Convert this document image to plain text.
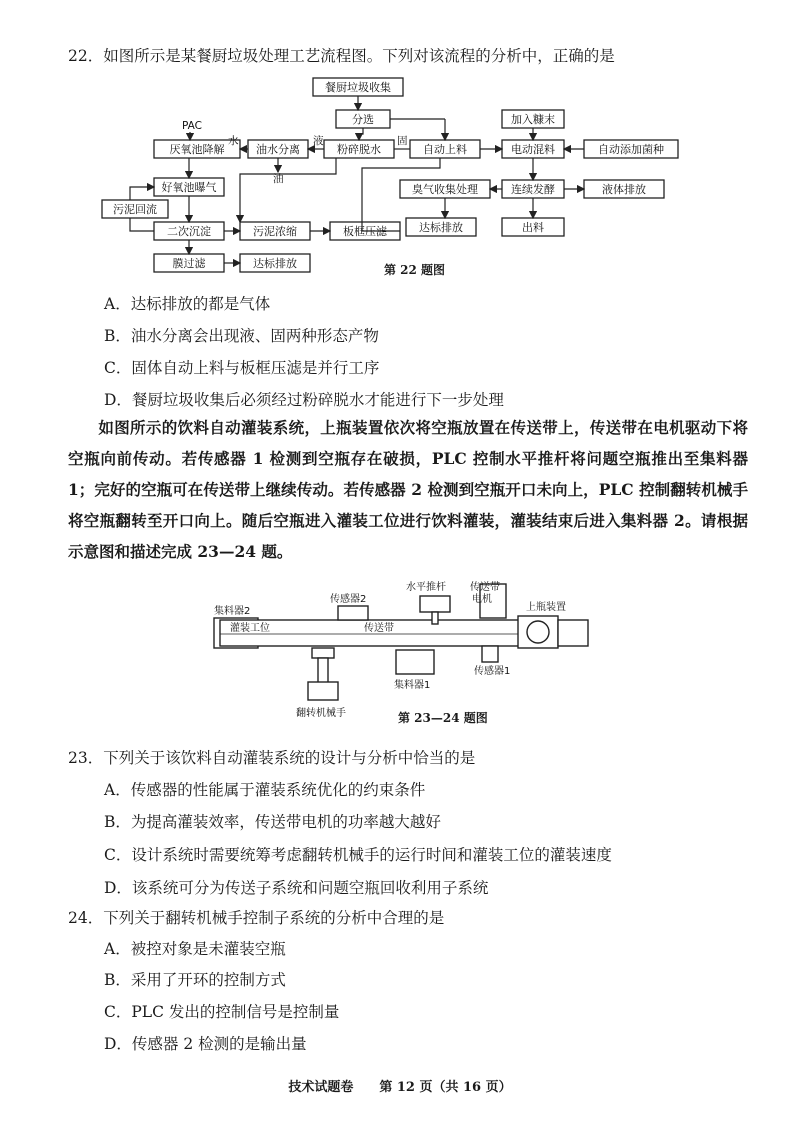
22．如图所示是某餐厨垃圾处理工艺流程图。下列对该流程的分析中，正确的是
餐厨垃圾收集
分选
厌氧池降解	油水分离	粉碎脱水	自动上料	电动混料
加入糠末
自动添加菌种
好氧池曝气
污泥回流
二次沉淀	污泥浓缩	板框压滤
臭气收集处理	连续发酵	液体排放
达标排放	出料
膜过滤	达标排放
PAC
水	液	固
油
第 22 题图
A．达标排放的都是气体
B．油水分离会出现液、固两种形态产物
C．固体自动上料与板框压滤是并行工序
D．餐厨垃圾收集后必须经过粉碎脱水才能进行下一步处理
如图所示的饮料自动灌装系统，上瓶装置依次将空瓶放置在传送带上，传送带在电机驱动下将空瓶向前传动。若传感器 1 检测到空瓶存在破损，PLC 控制水平推杆将问题空瓶推出至集料器 1；完好的空瓶可在传送带上继续传动。若传感器 2 检测到空瓶开口未向上，PLC 控制翻转机械手将空瓶翻转至开口向上。随后空瓶进入灌装工位进行饮料灌装，灌装结束后进入集料器 2。请根据示意图和描述完成 23—24 题。
集料器2
传感器2
水平推杆 传送带
电机
上瓶装置
灌装工位	传送带
集料器1
传感器1
翻转机械手	第 23—24 题图
23．下列关于该饮料自动灌装系统的设计与分析中恰当的是
A．传感器的性能属于灌装系统优化的约束条件
B．为提高灌装效率，传送带电机的功率越大越好
C．设计系统时需要统筹考虑翻转机械手的运行时间和灌装工位的灌装速度
D．该系统可分为传送子系统和问题空瓶回收利用子系统
24．下列关于翻转机械手控制子系统的分析中合理的是
A．被控对象是未灌装空瓶
B．采用了开环的控制方式
C．PLC 发出的控制信号是控制量
D．传感器 2 检测的是输出量
技术试题卷　　第 12 页（共 16 页）
